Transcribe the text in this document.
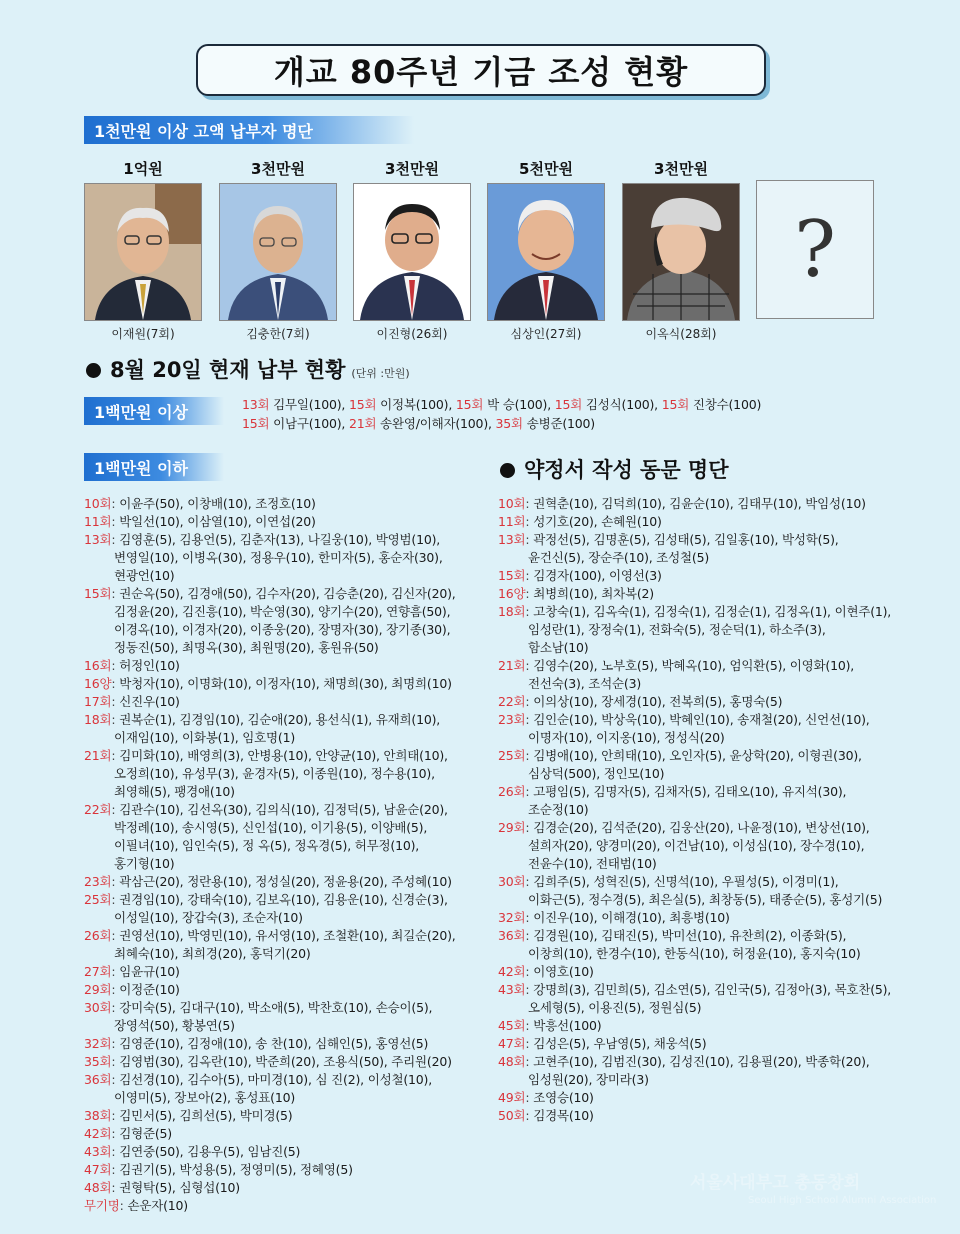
개교 80주년 기금 조성 현황
1천만원 이상 고액 납부자 명단
1억원
이재원(7회)
3천만원
김충한(7회)
3천만원
이진형(26회)
5천만원
심상인(27회)
3천만원
이옥식(28회)
?
8월 20일 현재 납부 현황 (단위 :만원)
1백만원 이상	13회 김무일(100), 15회 이정복(100), 15회 박 승(100), 15회 김성식(100), 15회 진창수(100)
15회 이남구(100), 21회 송완영/이해자(100), 35회 송병준(100)
1백만원 이하	약정서 작성 동문 명단
10회: 이윤주(50), 이창배(10), 조정호(10)
11회: 박일선(10), 이삼열(10), 이연섭(20)
13회: 김영훈(5), 김용언(5), 김춘자(13), 나길웅(10), 박영범(10),
변영일(10), 이병옥(30), 정용우(10), 한미자(5), 홍순자(30),
현광언(10)
15회: 권순옥(50), 김경애(50), 김수자(20), 김승춘(20), 김신자(20),
김정윤(20), 김진흥(10), 박순영(30), 양기수(20), 연향흠(50),
이경옥(10), 이경자(20), 이종웅(20), 장명자(30), 장기종(30),
정동진(50), 최명옥(30), 최원명(20), 홍원유(50)
16회: 허정인(10)
16양: 박청자(10), 이명화(10), 이정자(10), 채명희(30), 최명희(10)
17회: 신진우(10)
18회: 권복순(1), 김경임(10), 김순애(20), 용선식(1), 유재희(10),
이재임(10), 이화봉(1), 임호명(1)
21회: 김미화(10), 배영희(3), 안병용(10), 안양균(10), 안희태(10),
오정희(10), 유성무(3), 윤경자(5), 이종원(10), 정수용(10),
최영해(5), 팽경애(10)
22회: 김관수(10), 김선옥(30), 김의식(10), 김정덕(5), 남윤순(20),
박정례(10), 송시영(5), 신인섭(10), 이기용(5), 이양배(5),
이필녀(10), 임인숙(5), 정 옥(5), 정옥경(5), 허무정(10),
홍기형(10)
23회: 곽삼근(20), 정란용(10), 정성실(20), 정윤용(20), 주성혜(10)
25회: 권경임(10), 강태숙(10), 김보옥(10), 김용운(10), 신경순(3),
이성일(10), 장갑숙(3), 조순자(10)
26회: 권영선(10), 박영민(10), 유서영(10), 조철환(10), 최길순(20),
최혜숙(10), 최희경(20), 홍덕기(20)
27회: 임윤규(10)
29회: 이정준(10)
30회: 강미숙(5), 김대구(10), 박소애(5), 박찬호(10), 손승이(5),
장영석(50), 황봉연(5)
32회: 김영준(10), 김정애(10), 송 찬(10), 심해인(5), 홍영선(5)
35회: 김영범(30), 김옥란(10), 박준희(20), 조용식(50), 주리원(20)
36회: 김선경(10), 김수아(5), 마미경(10), 심 진(2), 이성철(10),
이영미(5), 장보아(2), 홍성표(10)
38회: 김민서(5), 김희선(5), 박미경(5)
42회: 김형준(5)
43회: 김연중(50), 김용우(5), 임남진(5)
47회: 김권기(5), 박성용(5), 정영미(5), 정혜영(5)
48회: 권형탁(5), 심형섭(10)
무기명: 손운자(10)
10회: 권혁춘(10), 김덕희(10), 김윤순(10), 김태무(10), 박임성(10)
11회: 성기호(20), 손혜원(10)
13회: 곽정선(5), 김명훈(5), 김성태(5), 김일홍(10), 박성학(5),
윤건신(5), 장순주(10), 조성철(5)
15회: 김경자(100), 이영선(3)
16양: 최병희(10), 최차복(2)
18회: 고창숙(1), 김옥숙(1), 김정숙(1), 김정순(1), 김정옥(1), 이현주(1),
임성란(1), 장정숙(1), 전화숙(5), 정순덕(1), 하소주(3),
함소남(10)
21회: 김영수(20), 노부호(5), 박혜옥(10), 엄익환(5), 이영화(10),
전선숙(3), 조석순(3)
22회: 이의상(10), 장세경(10), 전복희(5), 홍명숙(5)
23회: 김인순(10), 박상욱(10), 박혜인(10), 송재철(20), 신언선(10),
이명자(10), 이지옹(10), 정성식(20)
25회: 김병애(10), 안희태(10), 오인자(5), 윤상학(20), 이형권(30),
심상덕(500), 정인모(10)
26회: 고평임(5), 김명자(5), 김채자(5), 김태오(10), 유지석(30),
조순정(10)
29회: 김경순(20), 김석준(20), 김웅산(20), 나윤정(10), 변상선(10),
설희자(20), 양경미(20), 이건남(10), 이성심(10), 장수경(10),
전윤수(10), 전태범(10)
30회: 김희주(5), 성혁진(5), 신명석(10), 우필성(5), 이경미(1),
이화근(5), 정수경(5), 최은실(5), 최창동(5), 태종순(5), 홍성기(5)
32회: 이진우(10), 이해경(10), 최흥병(10)
36회: 김경원(10), 김태진(5), 박미선(10), 유찬희(2), 이종화(5),
이창희(10), 한경수(10), 한동식(10), 허정윤(10), 홍지숙(10)
42회: 이영호(10)
43회: 강명희(3), 김민희(5), 김소연(5), 김인국(5), 김정아(3), 목호찬(5),
오세형(5), 이용진(5), 정원심(5)
45회: 박흥선(100)
47회: 김성은(5), 우남영(5), 채웅석(5)
48회: 고현주(10), 김범진(30), 김성진(10), 김용필(20), 박종학(20),
임성원(20), 장미라(3)
49회: 조영승(10)
50회: 김경목(10)
서울사대부고 총동창회
Seoul High School Alumni Association
